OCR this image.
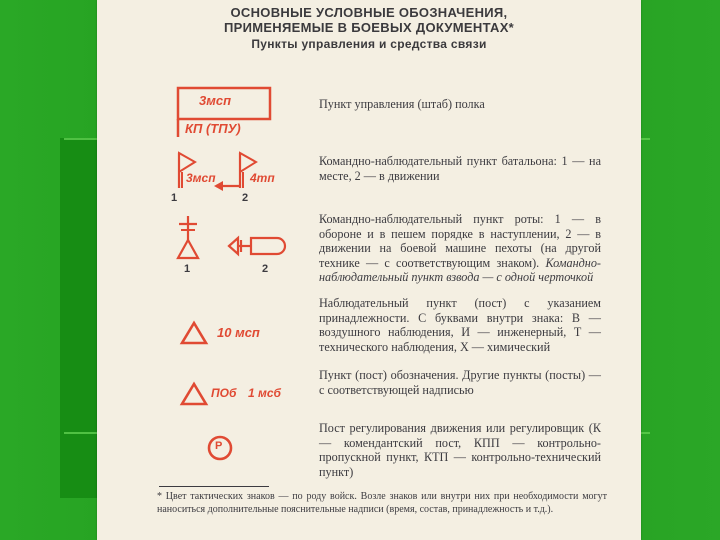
ОСНОВНЫЕ УСЛОВНЫЕ ОБОЗНАЧЕНИЯ,
ПРИМЕНЯЕМЫЕ В БОЕВЫХ ДОКУМЕНТАХ*
Пункты управления и средства связи
3мсп
КП (ТПУ)
Пункт управления (штаб) полка
3мсп
1
4тп
2
Командно-наблюдательный пункт батальона: 1 — на месте, 2 — в движении
1	2
Командно-наблюдательный пункт роты: 1 — в обороне и в пешем порядке в наступлении, 2 — в движении на боевой машине пехоты (на другой технике — с соответствующим знаком). Командно-наблюдательный пункт взвода — с одной черточкой
10 мсп
Наблюдательный пункт (пост) с указанием принадлежности. С буквами внутри знака: В — воздушного наблюдения, И — инженерный, Т — технического наблюдения, Х — химический
ПОб 1 мсб
Пункт (пост) обозначения. Другие пункты (посты) — с соответствующей надписью
Р
Пост регулирования движения или регулировщик (К — комендантский пост, КПП — контрольно-пропускной пункт, КТП — контрольно-технический пункт)
* Цвет тактических знаков — по роду войск. Возле знаков или внутри них при необходимости могут наноситься дополнительные пояснительные надписи (время, состав, принадлежность и т.д.).
